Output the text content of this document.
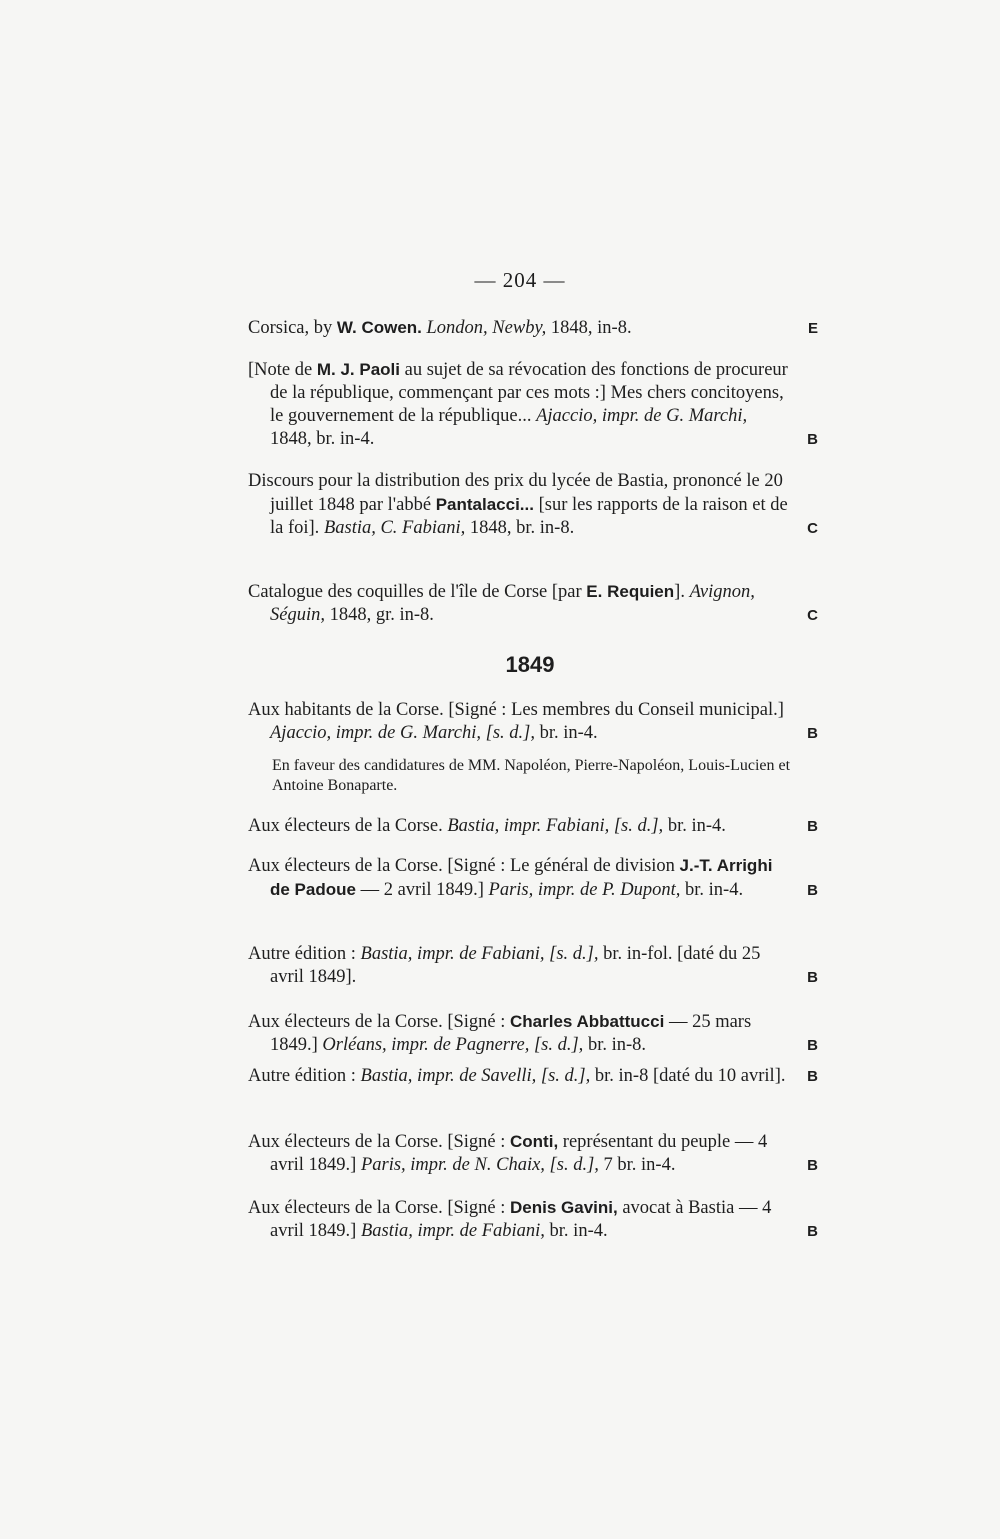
— 204 —
Corsica, by W. Cowen. London, Newby, 1848, in-8.	E
[Note de M. J. Paoli au sujet de sa révocation des fonctions de procureur de la république, commençant par ces mots :] Mes chers concitoyens, le gouvernement de la république... Ajaccio, impr. de G. Marchi, 1848, br. in-4.	B
Discours pour la distribution des prix du lycée de Bastia, prononcé le 20 juillet 1848 par l'abbé Pantalacci... [sur les rapports de la raison et de la foi]. Bastia, C. Fabiani, 1848, br. in-8.	C
Catalogue des coquilles de l'île de Corse [par E. Requien]. Avignon, Séguin, 1848, gr. in-8.	C
1849
Aux habitants de la Corse. [Signé : Les membres du Conseil municipal.] Ajaccio, impr. de G. Marchi, [s. d.], br. in-4.	B
En faveur des candidatures de MM. Napoléon, Pierre-Napoléon, Louis-Lucien et Antoine Bonaparte.
Aux électeurs de la Corse. Bastia, impr. Fabiani, [s. d.], br. in-4.	B
Aux électeurs de la Corse. [Signé : Le général de division J.-T. Arrighi de Padoue — 2 avril 1849.] Paris, impr. de P. Dupont, br. in-4.	B
Autre édition : Bastia, impr. de Fabiani, [s. d.], br. in-fol. [daté du 25 avril 1849].	B
Aux électeurs de la Corse. [Signé : Charles Abbattucci — 25 mars 1849.] Orléans, impr. de Pagnerre, [s. d.], br. in-8.	B
Autre édition : Bastia, impr. de Savelli, [s. d.], br. in-8 [daté du 10 avril].	B
Aux électeurs de la Corse. [Signé : Conti, représentant du peuple — 4 avril 1849.] Paris, impr. de N. Chaix, [s. d.], 7 br. in-4.	B
Aux électeurs de la Corse. [Signé : Denis Gavini, avocat à Bastia — 4 avril 1849.] Bastia, impr. de Fabiani, br. in-4.	B
